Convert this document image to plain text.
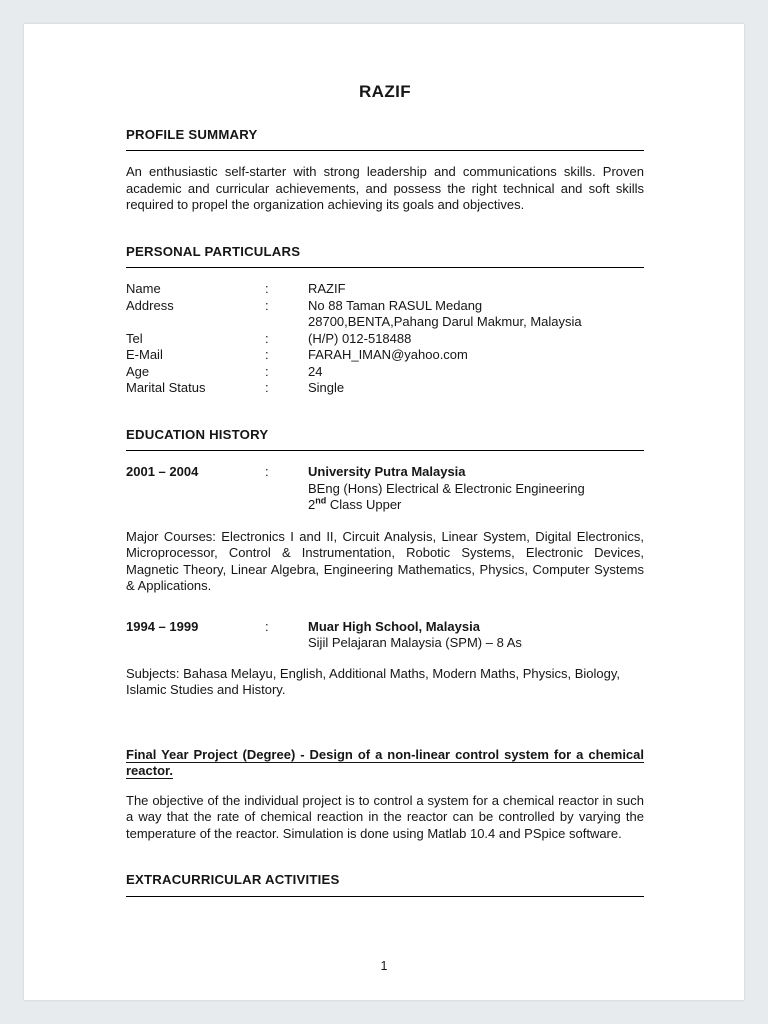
RAZIF
PROFILE SUMMARY

An enthusiastic self-starter with strong leadership and communications skills. Proven academic and curricular achievements, and possess the right technical and soft skills required to propel the organization achieving its goals and objectives.

PERSONAL PARTICULARS
Name	:	RAZIF
Address	:	No 88 Taman RASUL Medang
28700,BENTA,Pahang Darul Makmur, Malaysia
Tel	:	(H/P) 012-518488
E-Mail	:	FARAH_IMAN@yahoo.com
Age	:	24
Marital Status	:	Single
EDUCATION HISTORY
2001 – 2004	:	University Putra Malaysia
BEng (Hons) Electrical & Electronic Engineering
2nd Class Upper

Major Courses: Electronics I and II, Circuit Analysis, Linear System, Digital Electronics, Microprocessor, Control & Instrumentation, Robotic Systems, Electronic Devices, Magnetic Theory, Linear Algebra, Engineering Mathematics, Physics, Computer Systems & Applications.

1994 – 1999	:	Muar High School, Malaysia
Sijil Pelajaran Malaysia (SPM) – 8 As

Subjects: Bahasa Melayu, English, Additional Maths, Modern Maths, Physics, Biology, Islamic Studies and History.

Final Year Project (Degree) - Design of a non-linear control system for a chemical reactor.

The objective of the individual project is to control a system for a chemical reactor in such a way that the rate of chemical reaction in the reactor can be controlled by varying the temperature of the reactor. Simulation is done using Matlab 10.4 and PSpice software.

EXTRACURRICULAR ACTIVITIES
1
